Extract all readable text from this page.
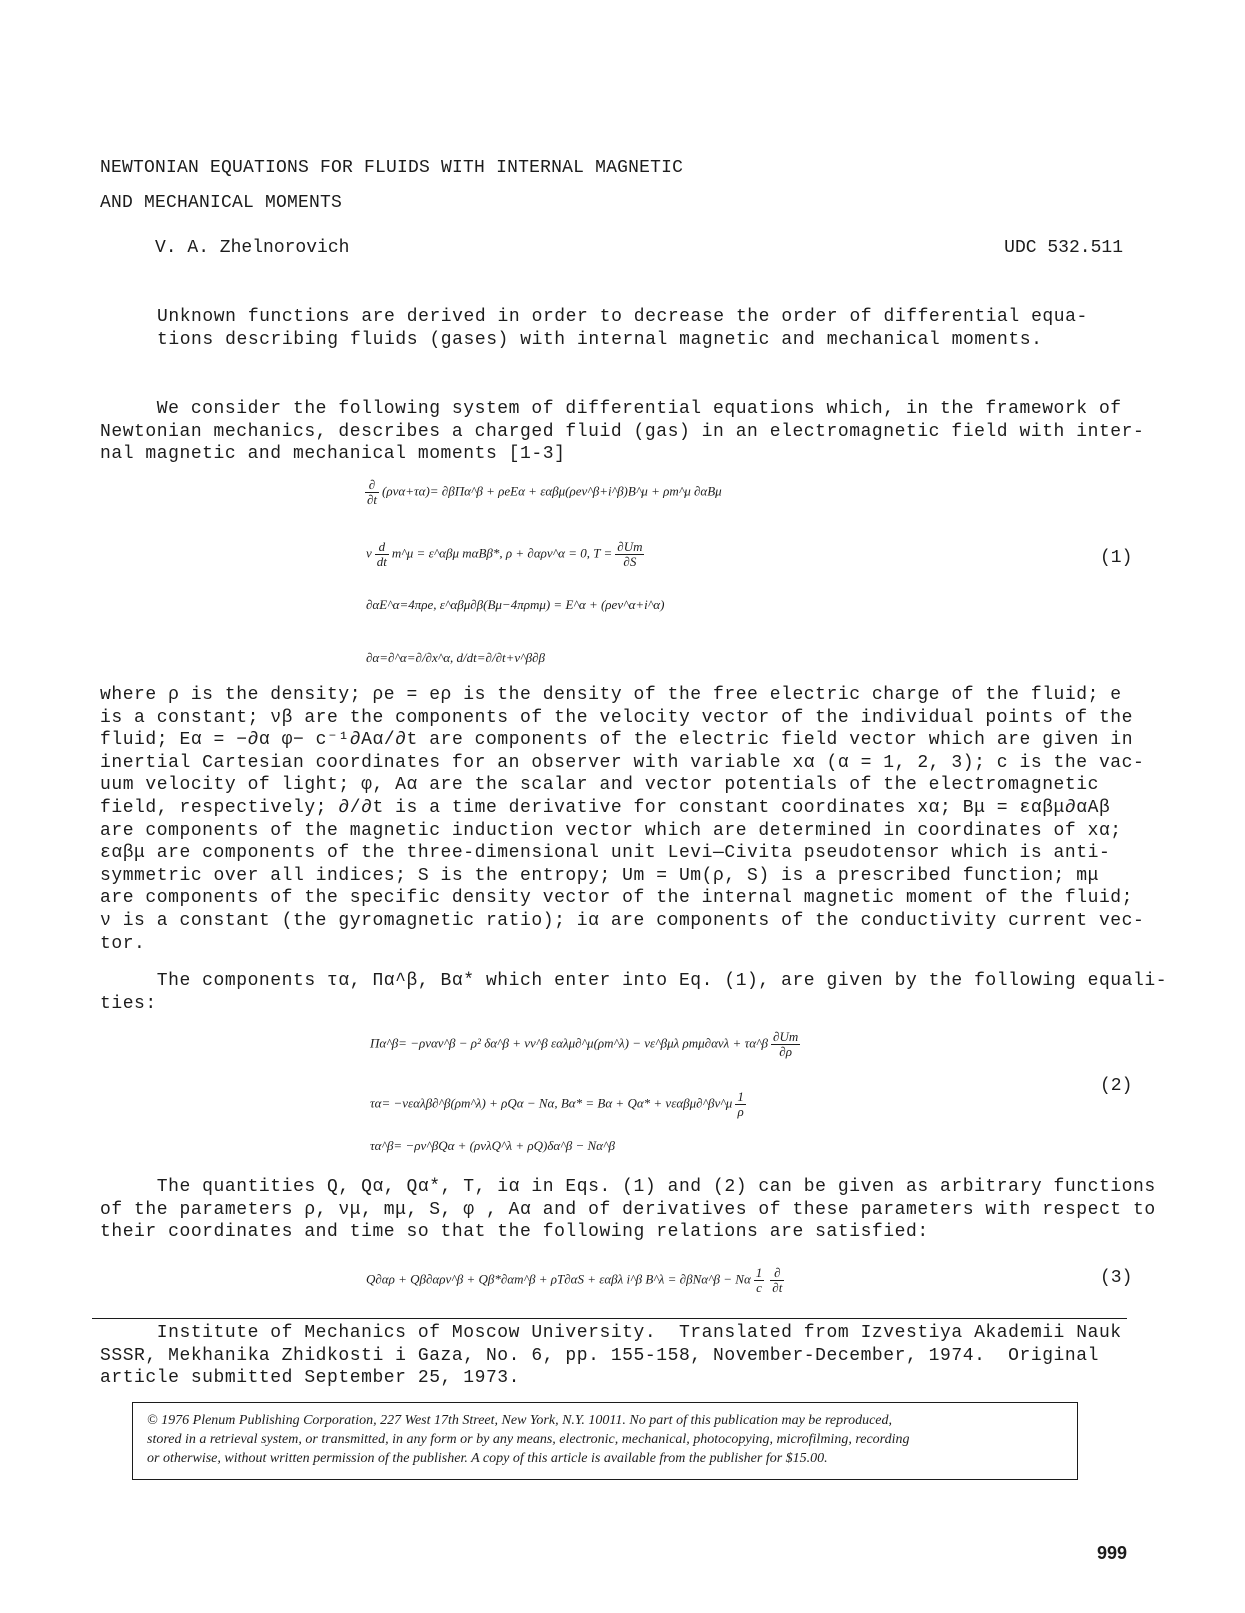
NEWTONIAN EQUATIONS FOR FLUIDS WITH INTERNAL MAGNETIC
AND MECHANICAL MOMENTS
V. A. Zhelnorovich	UDC 532.511
Unknown functions are derived in order to decrease the order of differential equa-
tions describing fluids (gases) with internal magnetic and mechanical moments.
We consider the following system of differential equations which, in the framework of
Newtonian mechanics, describes a charged fluid (gas) in an electromagnetic field with inter-
nal magnetic and mechanical moments [1-3]
$\frac{\partial}{\partial t} (\rho v\alpha+\tau\alpha)=$ ∂βΠα^β + ρeEα + εαβμ(ρev^β+i^β)B^μ + ρm^μ ∂αBμ
ν $\frac{d}{dt}$ m^μ = ε^αβμ mαBβ*, ρ + ∂αρv^α = 0, $T = \frac{\partial Um}{\partial S}$	(1)
∂αE^α=4πρe, ε^αβμ∂β(Bμ−4πρmμ) = E^α + (ρev^α+i^α)
∂α=∂^α=∂/∂x^α, d/dt=∂/∂t+v^β∂β
where ρ is the density; ρe = eρ is the density of the free electric charge of the fluid; e
is a constant; νβ are the components of the velocity vector of the individual points of the
fluid; Eα = −∂α φ− c⁻¹∂Aα/∂t are components of the electric field vector which are given in
inertial Cartesian coordinates for an observer with variable xα (α = 1, 2, 3); c is the vac-
uum velocity of light; φ, Aα are the scalar and vector potentials of the electromagnetic
field, respectively; ∂/∂t is a time derivative for constant coordinates xα; Bμ = εαβμ∂αAβ
are components of the magnetic induction vector which are determined in coordinates of xα;
εαβμ are components of the three-dimensional unit Levi—Civita pseudotensor which is anti-
symmetric over all indices; S is the entropy; Um = Um(ρ, S) is a prescribed function; mμ
are components of the specific density vector of the internal magnetic moment of the fluid;
ν is a constant (the gyromagnetic ratio); iα are components of the conductivity current vec-
tor.
The components τα, Πα^β, Bα* which enter into Eq. (1), are given by the following equali-
ties:
Πα^β= −ρvαv^β − ρ² δα^β + νv^β εαλμ∂^μ(ρm^λ) − νε^βμλ ρmμ∂αvλ + τα^β $\frac{\partial Um}{\partial\rho}$
τα= −νεαλβ∂^β(ρm^λ) + ρQα − Nα, Bα* = Bα + Qα* + νεαβμ∂^βv^μ $\frac{1}{\rho}$
(2)
τα^β= −ρv^βQα + (ρvλQ^λ + ρQ)δα^β − Nα^β
The quantities Q, Qα, Qα*, T, iα in Eqs. (1) and (2) can be given as arbitrary functions
of the parameters ρ, νμ, mμ, S, φ , Aα and of derivatives of these parameters with respect to
their coordinates and time so that the following relations are satisfied:
Q∂αρ + Qβ∂αρv^β + Qβ*∂αm^β + ρT∂αS + εαβλ i^β B^λ = ∂βNα^β − Nα $\frac{1}{c} \frac{\partial}{\partial t}$	(3)
Institute of Mechanics of Moscow University.  Translated from Izvestiya Akademii Nauk
SSSR, Mekhanika Zhidkosti i Gaza, No. 6, pp. 155-158, November-December, 1974.  Original
article submitted September 25, 1973.
© 1976 Plenum Publishing Corporation, 227 West 17th Street, New York, N.Y. 10011. No part of this publication may be reproduced,
stored in a retrieval system, or transmitted, in any form or by any means, electronic, mechanical, photocopying, microfilming, recording
or otherwise, without written permission of the publisher. A copy of this article is available from the publisher for $15.00.
999
